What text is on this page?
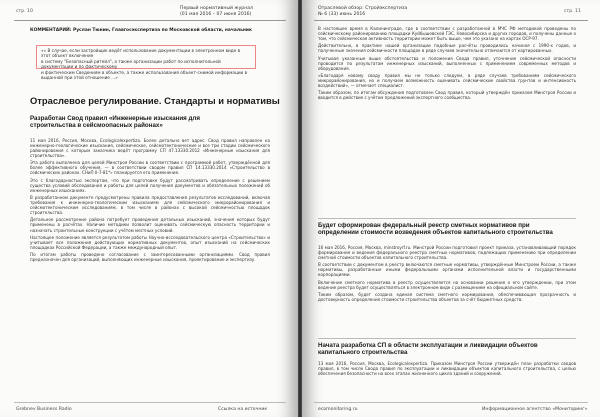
стр. 10
Первый нормативный журнал
(01 мая 2016 – 07 июня 2016)
КОММЕНТАРИЙ: Руслан Тюнин, Главгосэкспертиза по Московской области, начальник

«« В случае, если застройщик ведёт использование документации в электронном виде в этот объект включение

в систему "Безопасный ритейл", а также организации работ по исполнительной документации и по фактическому

и фактическим Сведениям в объекте, а также использования объект-снимой информации в выданной при этой отношение ...»

Отраслевое регулирование. Стандарты и нормативы
Разработан Свод правил «Инженерные изыскания для строительства в сейсмоопасных районах»

11 мая 2016, Россия, Москва, Ecologicalexpertiza. Более детально вет адрес. Свод правил направлен на инженерно-геологические изыскания, сейсмическое, сейсмотектонические и все три стадии сейсмического районирования с которым заказчика ведёт программу СП 47.13330.2012 «Инженерные изыскания для строительства».

Эта работа выполнена для целей Минстроя России в соответствии с программой работ, утверждённой для более эффективного обучения, — в соответствии сводом правил СП 14.13330.2014 «Строительство в сейсмических районах. СНиП II-7-81*» планируется его применение.

Это с благодарностью экспертам, что при подготовке будут рассматривать определение с решением существа условий обследования и работы для целей получения документов и обязательных положений об инженерных изысканиях.

В разработанном документе предусмотрены правила предоставления результатов исследований, включая требования к инженерно-геологическим изысканиям для сейсмического микрорайонирования и сейсмотектоническим исследованиям, в том числе в районах с высокой сейсмичностью площадок строительства.

Детальное рассмотрение района потребует проведения детальных изысканий, значения которых будут применены в расчётах. Наличие методики позволит оценивать сейсмическую опасность территории и назначать строительные конструкции с учётом местных условий.

Настоящее положение является результатом работы Научно-исследовательского центра «Строительство» и учитывает все положения действующих нормативных документов, опыт изысканий на сейсмических площадках Российской Федерации, а также международный опыт.

По итогам работы проведено согласование с заинтересованными организациями. Свод правил предназначен для организаций, выполняющих инженерные изыскания, проектирование и экспертизу.

Grebnev Business Radio	Ссылка на источник
Отраслевой обзор: Стройэкспертиза
№ 6 (33) июнь 2016
стр. 11

В настоящее время в Калининграде, где в соответствии с разработанной в МЧС РФ методикой проведены по сейсмическому районированию площадки Куйбышевской ГЭС, Новосибирска и других городов, и получены данные о том, что сейсмическая активность территории может быть выше, чем это указано на картах ОСР-97.

Действительно, в практике нашей организации подобные расчёты проводились начиная с 1990-х годов, и полученные значения сейсмичности площадок в ряде случаев значительно отличаются от картированных.

Учитывая указанные выше обстоятельства и положения Свода правил, уточнение сейсмической опасности проводится по результатам инженерных изысканий, выполненных с применением современных методов и оборудования.

«Благодаря новому своду правил мы не только следуем, в ряде случаев требованиям сейсмического микрорайонирования, но и получаем возможность оценивать сейсмические свойства грунтов и интенсивность воздействий», — отмечает специалист.

Таким образом, по итогам обсуждения подготовлен Свод правил, который утверждён приказом Минстроя России и вводится в действие с учётом предложений экспертного сообщества.

Будет сформирован федеральный реестр сметных нормативов при определении стоимости возведения объектов капитального строительства

16 мая 2016, Россия, Москва, minstroyrf.ru. Минстрой России подготовил проект приказа, устанавливающий порядок формирования и ведения федерального реестра сметных нормативов, подлежащих применению при определении сметной стоимости объектов капитального строительства.

В соответствии с документом в реестр включаются сметные нормативы, утверждённые Минстроем России, а также нормативы, разработанные иными федеральными органами исполнительной власти и государственными корпорациями.

Включение сметного норматива в реестр осуществляется на основании решения о его утверждении, при этом ведение реестра будет осуществляться в электронном виде с размещением на официальном сайте.

Таким образом, будет создана единая система сметного нормирования, обеспечивающая прозрачность и достоверность определения стоимости строительства объектов за счёт бюджетных средств.

Начата разработка СП в области эксплуатации и ликвидации объектов капитального строительства

13 мая 2016, Россия, Москва, Ecologicalexpertiza. Приказом Минстроя России утверждён план разработки сводов правил, в том числе Свода правил по эксплуатации и ликвидации объектов капитального строительства, с целью обеспечения безопасности на всех этапах жизненного цикла зданий и сооружений.

ecomonitoring.ru	Информационное агентство «Мониторинг»
